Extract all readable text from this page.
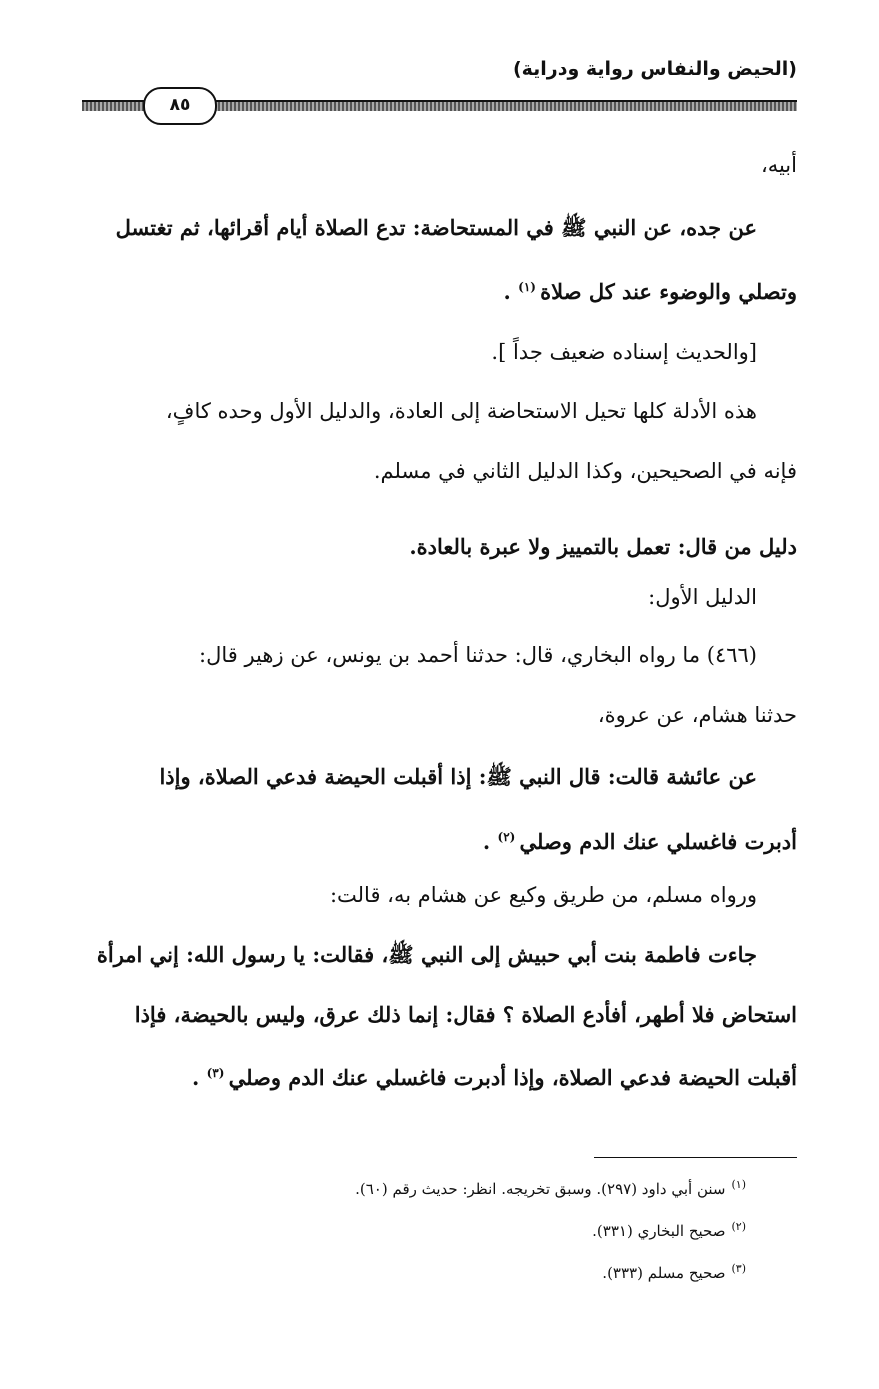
(الحيض والنفاس رواية ودراية)
٨٥
أبيه،
عن جده، عن النبي ﷺ في المستحاضة: تدع الصلاة أيام أقرائها، ثم تغتسل
وتصلي والوضوء عند كل صلاة $^{(١)}$ .
[والحديث إسناده ضعيف جداً ].
هذه الأدلة كلها تحيل الاستحاضة إلى العادة، والدليل الأول وحده كافٍ،
فإنه في الصحيحين، وكذا الدليل الثاني في مسلم.
دليل من قال: تعمل بالتمييز ولا عبرة بالعادة.
الدليل الأول:
(٤٦٦) ما رواه البخاري، قال: حدثنا أحمد بن يونس، عن زهير قال:
حدثنا هشام، عن عروة،
عن عائشة قالت: قال النبي ﷺ: إذا أقبلت الحيضة فدعي الصلاة، وإذا
أدبرت فاغسلي عنك الدم وصلي $^{(٢)}$ .
ورواه مسلم، من طريق وكيع عن هشام به، قالت:
جاءت فاطمة بنت أبي حبيش إلى النبي ﷺ، فقالت: يا رسول الله: إني امرأة
استحاض فلا أطهر، أفأدع الصلاة ؟ فقال: إنما ذلك عرق، وليس بالحيضة، فإذا
أقبلت الحيضة فدعي الصلاة، وإذا أدبرت فاغسلي عنك الدم وصلي $^{(٣)}$ .
$^{(١)}$سنن أبي داود (٢٩٧). وسبق تخريجه. انظر: حديث رقم (٦٠).
$^{(٢)}$صحيح البخاري (٣٣١).
$^{(٣)}$صحيح مسلم (٣٣٣).
